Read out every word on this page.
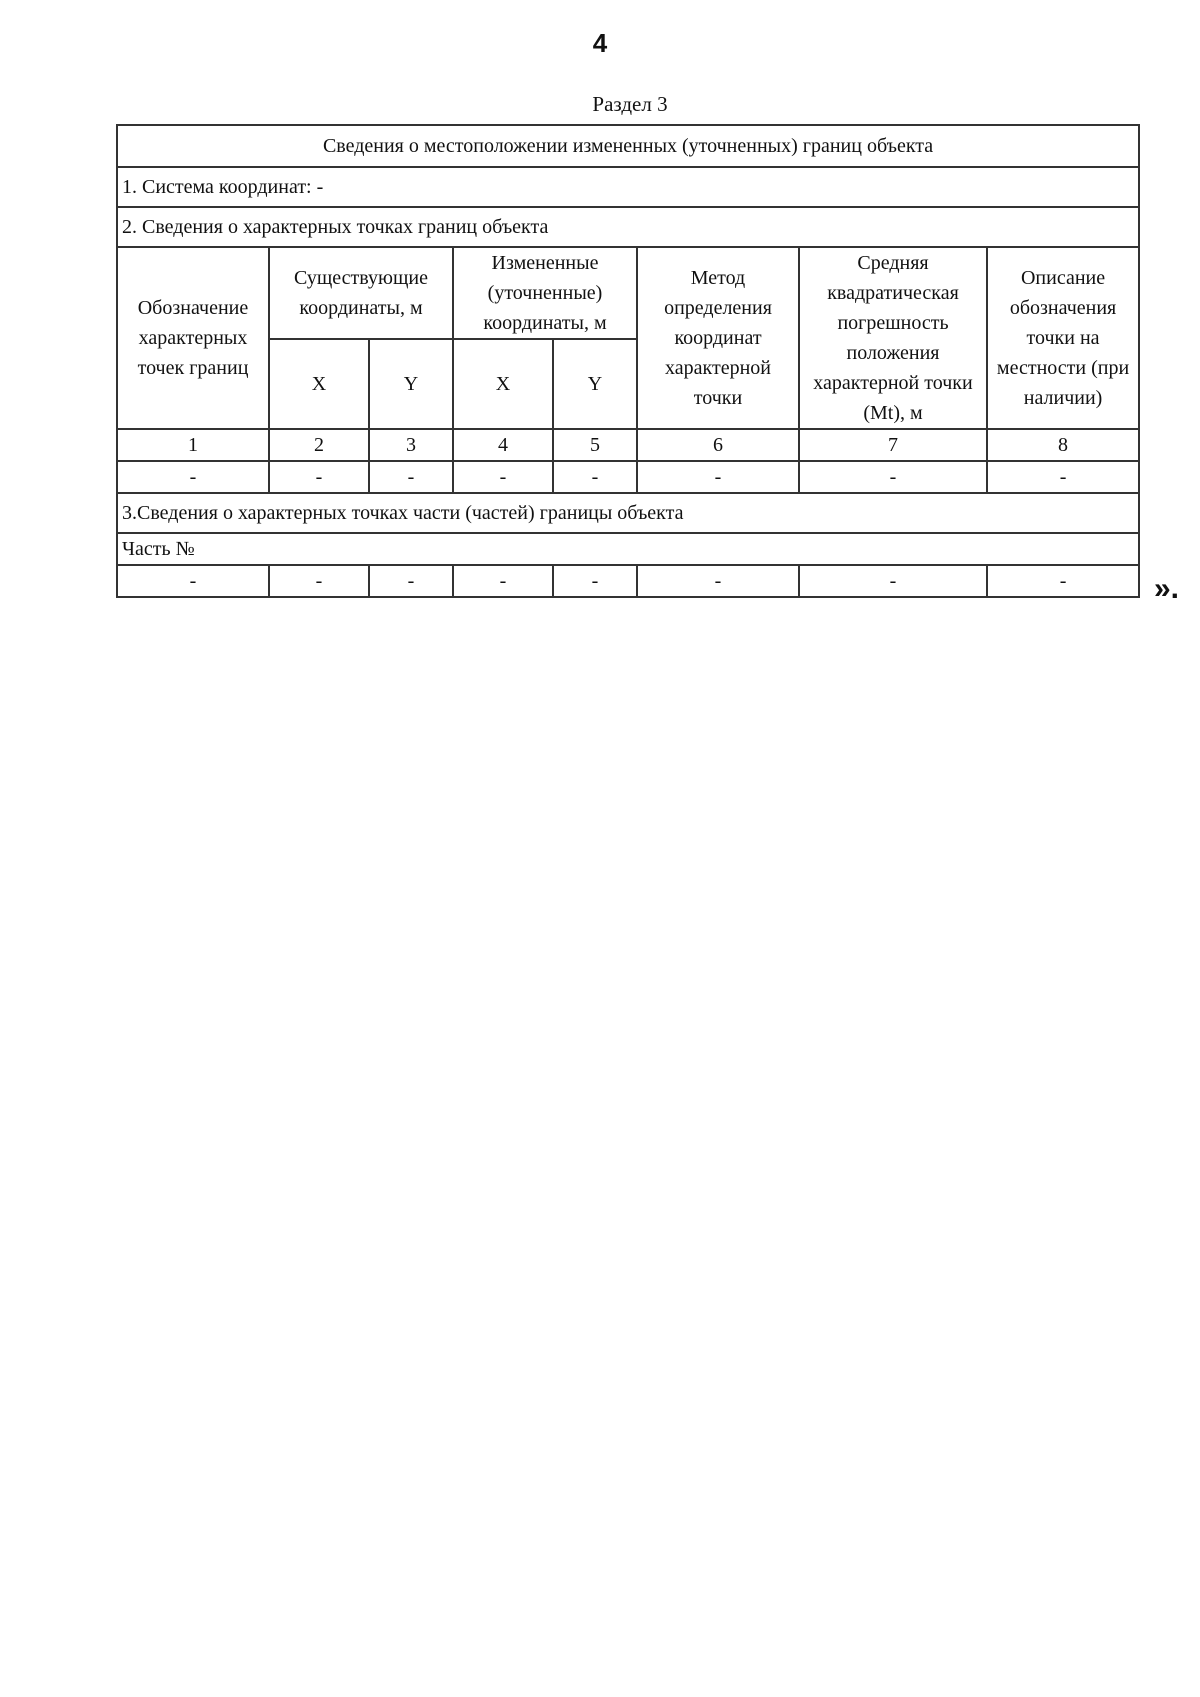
4
Раздел 3
Сведения о местоположении измененных (уточненных) границ объекта							
1. Система координат: -							
2. Сведения о характерных точках границ объекта							
Обозначение характерных точек границ	Существующие координаты, м		Измененные (уточненные) координаты, м		Метод определения координат характерной точки	Средняя квадратическая погрешность положения характерной точки (Mt), м	Описание обозначения точки на местности (при наличии)
	X	Y	X	Y			
1	2	3	4	5	6	7	8
-	-	-	-	-	-	-	-
3.Сведения о характерных точках части (частей) границы объекта							
Часть №							
-	-	-	-	-	-	-	-	».
